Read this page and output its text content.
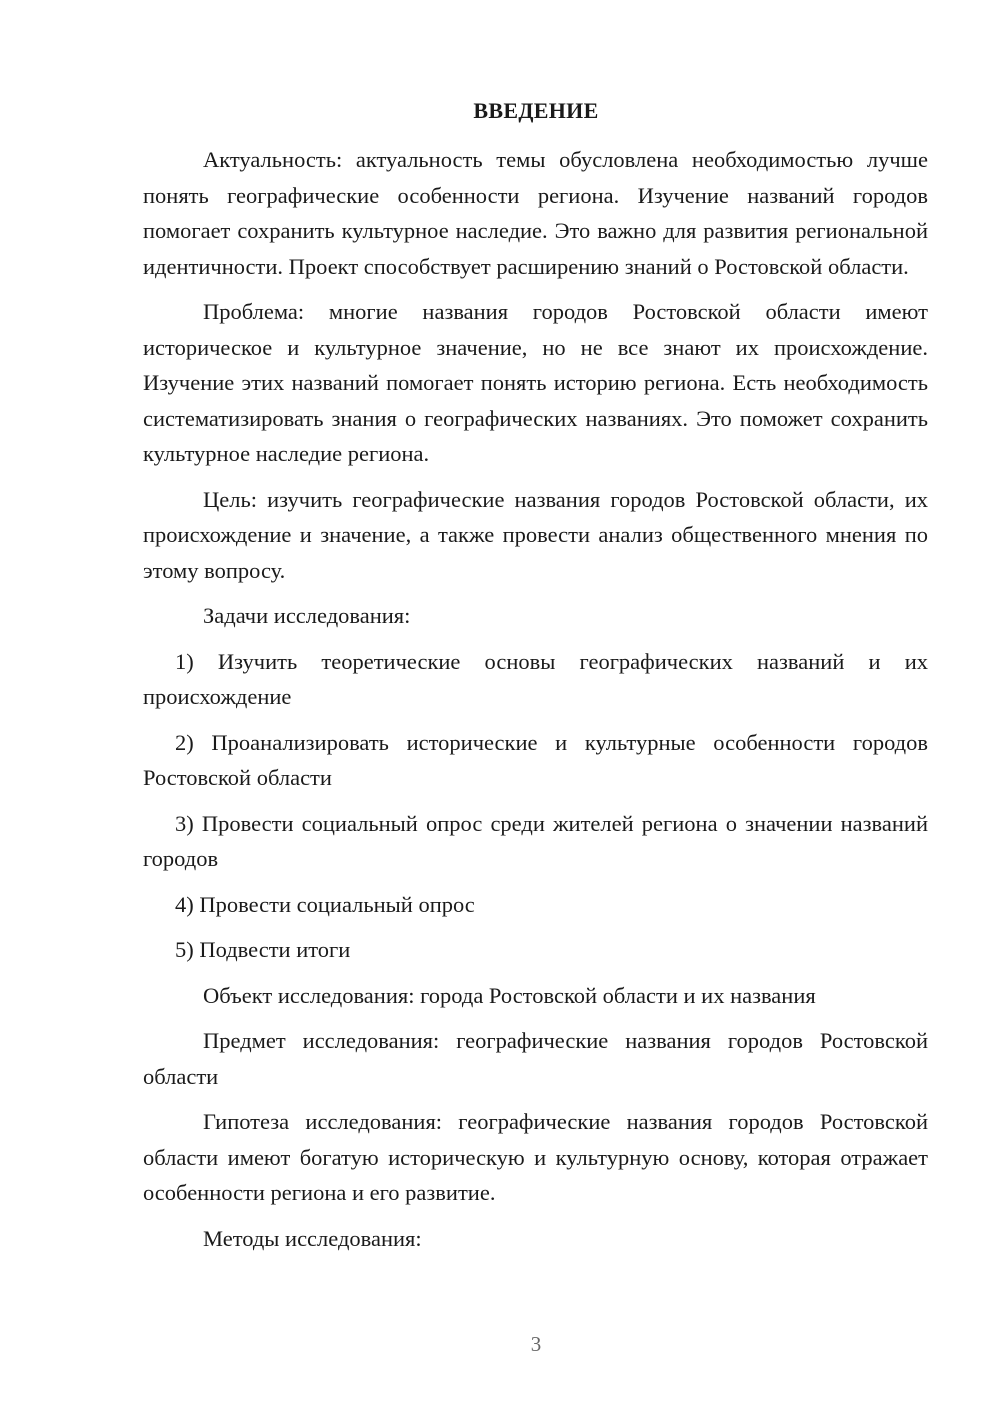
ВВЕДЕНИЕ

Актуальность: актуальность темы обусловлена необходимостью лучше понять географические особенности региона. Изучение названий городов помогает сохранить культурное наследие. Это важно для развития региональной идентичности. Проект способствует расширению знаний о Ростовской области.

Проблема: многие названия городов Ростовской области имеют историческое и культурное значение, но не все знают их происхождение. Изучение этих названий помогает понять историю региона. Есть необходимость систематизировать знания о географических названиях. Это поможет сохранить культурное наследие региона.

Цель: изучить географические названия городов Ростовской области, их происхождение и значение, а также провести анализ общественного мнения по этому вопросу.

Задачи исследования:

1) Изучить теоретические основы географических названий и их происхождение

2) Проанализировать исторические и культурные особенности городов Ростовской области

3) Провести социальный опрос среди жителей региона о значении названий городов

4) Провести социальный опрос

5) Подвести итоги

Объект исследования: города Ростовской области и их названия

Предмет исследования: географические названия городов Ростовской области

Гипотеза исследования: географические названия городов Ростовской области имеют богатую историческую и культурную основу, которая отражает особенности региона и его развитие.

Методы исследования:

3
